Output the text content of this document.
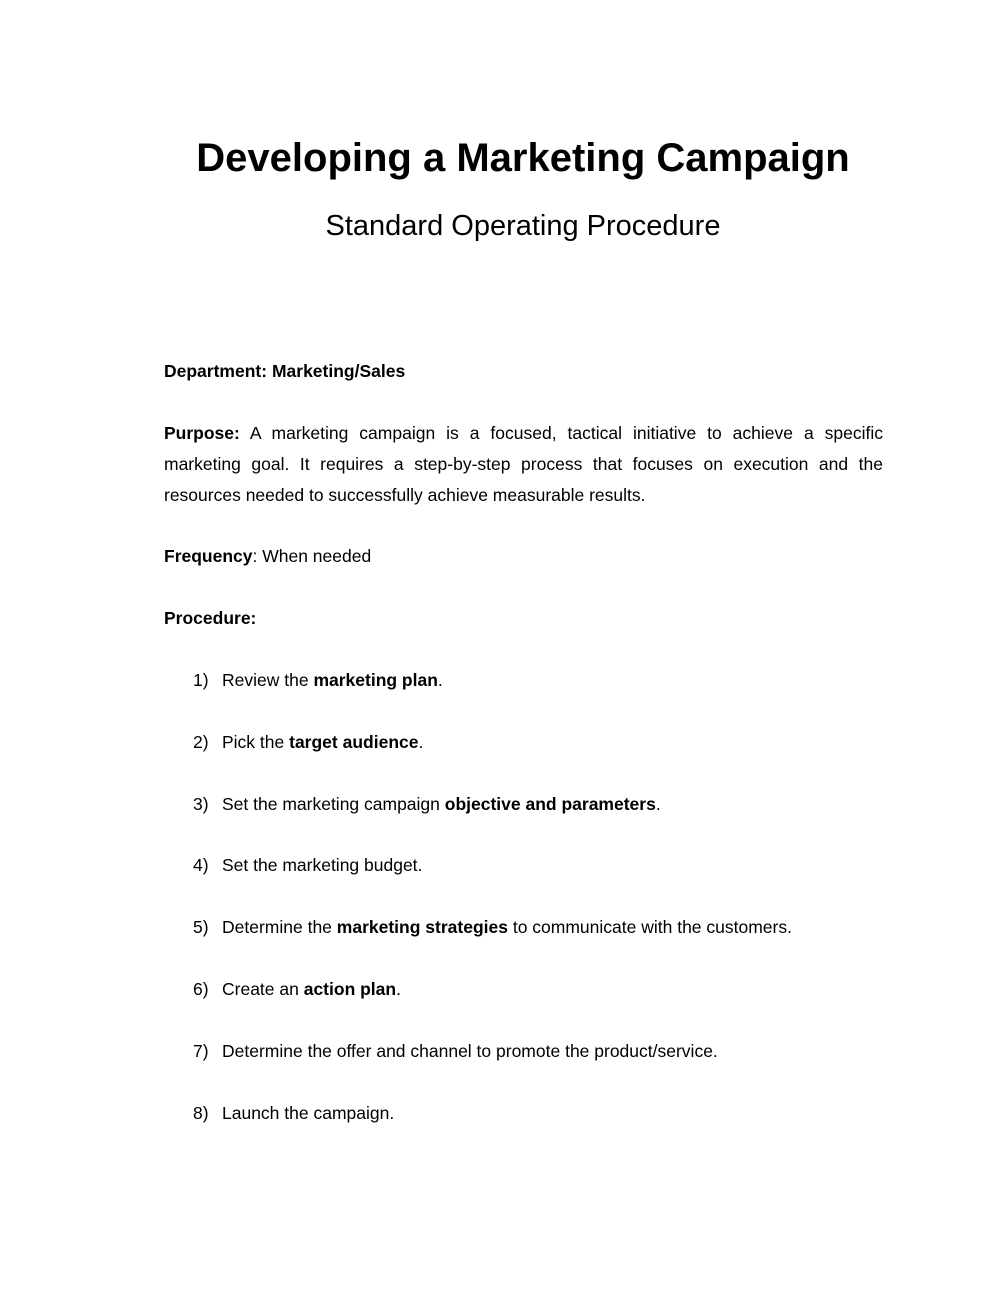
Developing a Marketing Campaign
Standard Operating Procedure
Department: Marketing/Sales
Purpose: A marketing campaign is a focused, tactical initiative to achieve a specific marketing goal. It requires a step-by-step process that focuses on execution and the resources needed to successfully achieve measurable results.
Frequency: When needed
Procedure:
1) Review the marketing plan.
2) Pick the target audience.
3) Set the marketing campaign objective and parameters.
4) Set the marketing budget.
5) Determine the marketing strategies to communicate with the customers.
6) Create an action plan.
7) Determine the offer and channel to promote the product/service.
8) Launch the campaign.
